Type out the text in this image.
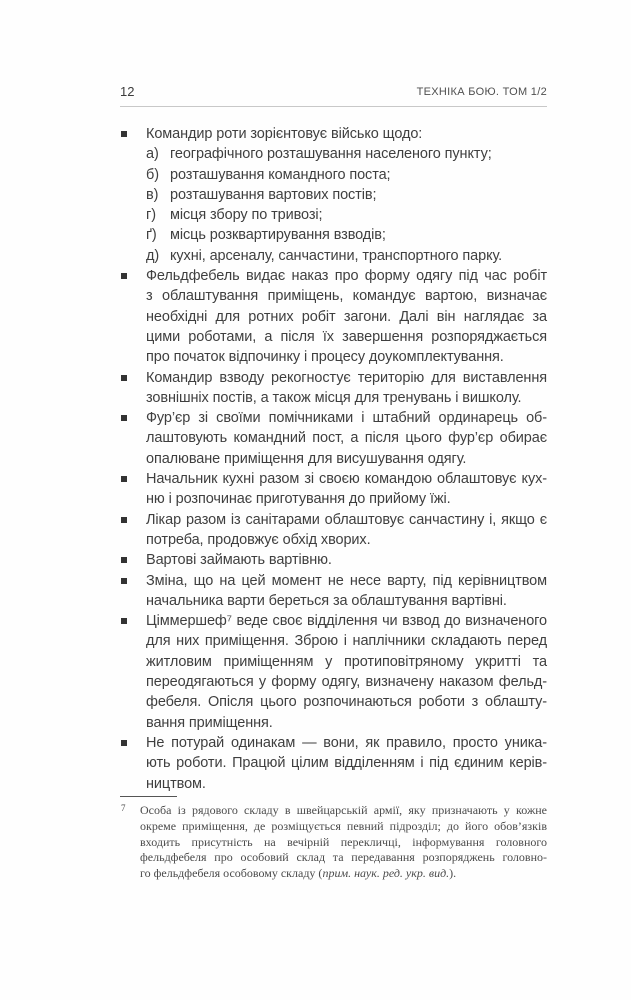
12	ТЕХНІКА БОЮ. ТОМ 1/2
Командир роти зорієнтовує військо щодо:
а) географічного розташування населеного пункту;
б) розташування командного поста;
в) розташування вартових постів;
г) місця збору по тривозі;
ґ) місць розквартирування взводів;
д) кухні, арсеналу, санчастини, транспортного парку.
Фельдфебель видає наказ про форму одягу під час робіт
з облаштування приміщень, командує вартою, визначає
необхідні для ротних робіт загони. Далі він наглядає за
цими роботами, а після їх завершення розпоряджається
про початок відпочинку і процесу доукомплектування.
Командир взводу рекогностує територію для виставлення
зовнішніх постів, а також місця для тренувань і вишколу.
Фур’єр зі своїми помічниками і штабний ординарець об-
лаштовують командний пост, а після цього фур’єр обирає
опалюване приміщення для висушування одягу.
Начальник кухні разом зі своєю командою облаштовує кух-
ню і розпочинає приготування до прийому їжі.
Лікар разом із санітарами облаштовує санчастину і, якщо є
потреба, продовжує обхід хворих.
Вартові займають вартівню.
Зміна, що на цей момент не несе варту, під керівництвом
начальника варти береться за облаштування вартівні.
Ціммершеф⁷ веде своє відділення чи взвод до визначеного
для них приміщення. Зброю і наплічники складають перед
житловим приміщенням у протиповітряному укритті та
переодягаються у форму одягу, визначену наказом фельд-
фебеля. Опісля цього розпочинаються роботи з облашту-
вання приміщення.
Не потурай одинакам — вони, як правило, просто уника-
ють роботи. Працюй цілим відділенням і під єдиним керів-
ництвом.
7 Особа із рядового складу в швейцарській армії, яку призначають у кожне
окреме приміщення, де розміщується певний підрозділ; до його обов’язків
входить присутність на вечірній перекличці, інформування головного
фельдфебеля про особовий склад та передавання розпоряджень головно-
го фельдфебеля особовому складу (прим. наук. ред. укр. вид.).
